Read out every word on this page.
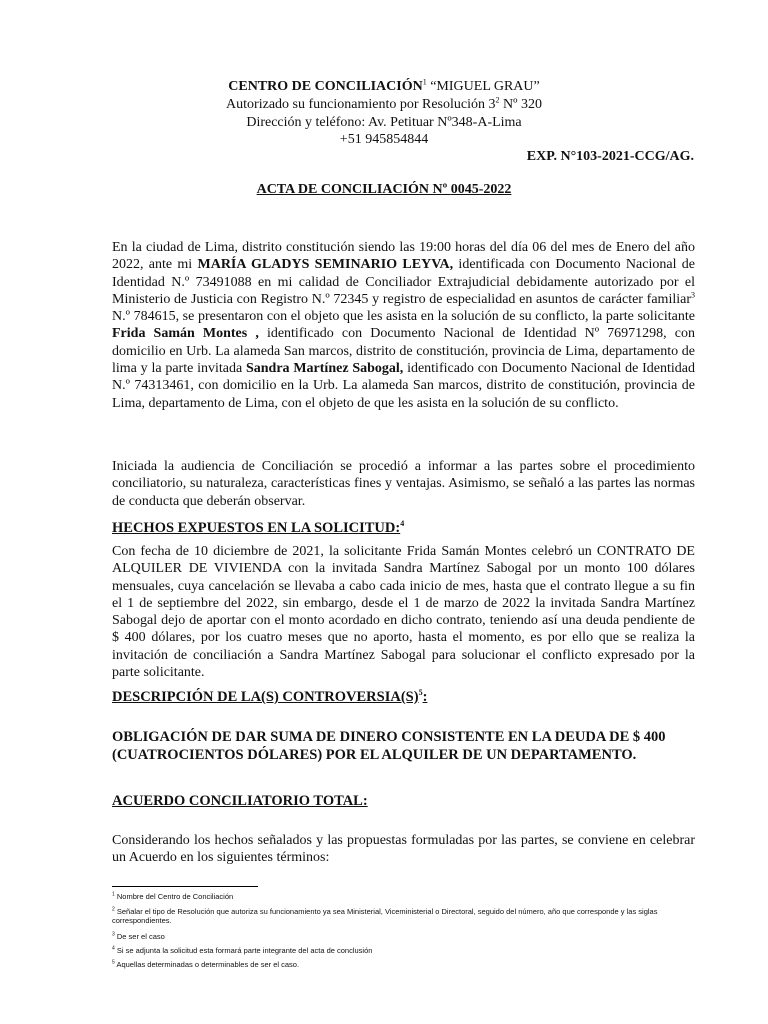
CENTRO DE CONCILIACIÓN$^1$ “MIGUEL GRAU”
Autorizado su funcionamiento por Resolución $3^2$ Nº 320
Dirección y teléfono: Av. Petituar Nº348-A-Lima
+51 945854844
EXP. N°103-2021-CCG/AG.
ACTA DE CONCILIACIÓN Nº 0045-2022
En la ciudad de Lima, distrito constitución siendo las 19:00 horas del día 06 del mes de Enero del año 2022, ante mi MARÍA GLADYS SEMINARIO LEYVA, identificada con Documento Nacional de Identidad N.º 73491088 en mi calidad de Conciliador Extrajudicial debidamente autorizado por el Ministerio de Justicia con Registro N.º 72345 y registro de especialidad en asuntos de carácter familiar$^3$ N.º 784615, se presentaron con el objeto que les asista en la solución de su conflicto, la parte solicitante Frida Samán Montes , identificado con Documento Nacional de Identidad Nº 76971298, con domicilio en Urb. La alameda San marcos, distrito de constitución, provincia de Lima, departamento de lima y la parte invitada Sandra Martínez Sabogal, identificado con Documento Nacional de Identidad N.º 74313461, con domicilio en la Urb. La alameda San marcos, distrito de constitución, provincia de Lima, departamento de Lima, con el objeto de que les asista en la solución de su conflicto.
Iniciada la audiencia de Conciliación se procedió a informar a las partes sobre el procedimiento conciliatorio, su naturaleza, características fines y ventajas. Asimismo, se señaló a las partes las normas de conducta que deberán observar.
HECHOS EXPUESTOS EN LA SOLICITUD:$^4$
Con fecha de 10 diciembre de 2021, la solicitante Frida Samán Montes celebró un CONTRATO DE ALQUILER DE VIVIENDA con la invitada Sandra Martínez Sabogal por un monto 100 dólares mensuales, cuya cancelación se llevaba a cabo cada inicio de mes, hasta que el contrato llegue a su fin el 1 de septiembre del 2022, sin embargo, desde el 1 de marzo de 2022 la invitada Sandra Martínez Sabogal dejo de aportar con el monto acordado en dicho contrato, teniendo así una deuda pendiente de $ 400 dólares, por los cuatro meses que no aporto, hasta el momento, es por ello que se realiza la invitación de conciliación a Sandra Martínez Sabogal para solucionar el conflicto expresado por la parte solicitante.
DESCRIPCIÓN DE LA(S) $CONTROVERSIA(S)^5$:
OBLIGACIÓN DE DAR SUMA DE DINERO CONSISTENTE EN LA DEUDA DE $ 400 (CUATROCIENTOS DÓLARES) POR EL ALQUILER DE UN DEPARTAMENTO.
ACUERDO CONCILIATORIO TOTAL:
Considerando los hechos señalados y las propuestas formuladas por las partes, se conviene en celebrar un Acuerdo en los siguientes términos:
$^1$ Nombre del Centro de Conciliación
$^2$ Señalar el tipo de Resolución que autoriza su funcionamiento ya sea Ministerial, Viceministerial o Directoral, seguido del número, año que corresponde y las siglas correspondientes.
$^3$ De ser el caso
$^4$ Si se adjunta la solicitud esta formará parte integrante del acta de conclusión
$^5$ Aquellas determinadas o determinables de ser el caso.
